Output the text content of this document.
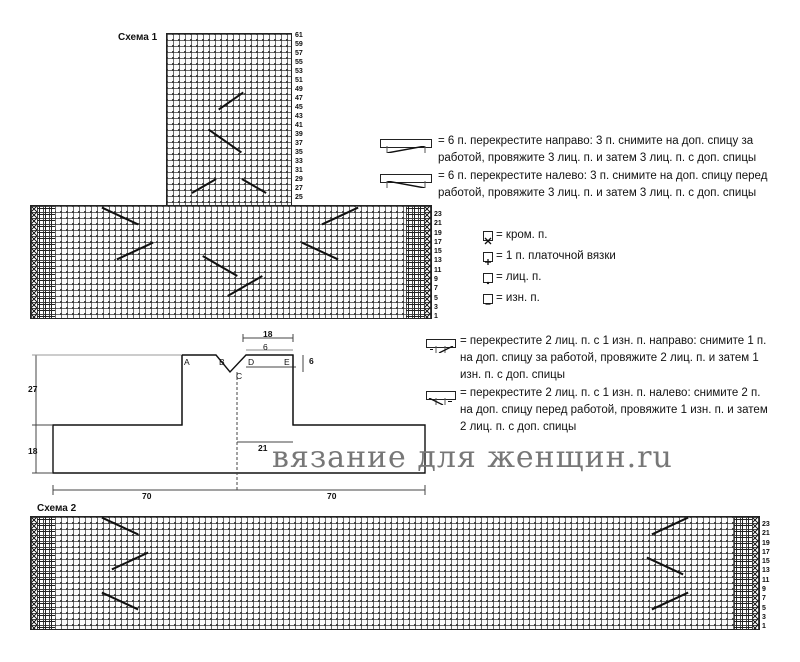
Схема 1	61
59
57
55
53
51
49
47
45
43
41
39
37
35
33
31
29
27
25
23
21
19
17
15
13
11
9
7
5
3
1
= 6 п. перекрестите направо: 3 п. снимите на доп. спицу за работой, провяжите 3 лиц. п. и затем 3 лиц. п. с доп. спицы
= 6 п. перекрестите налево: 3 п. снимите на доп. спицу перед работой, провяжите 3 лиц. п. и затем 3 лиц. п. с доп. спицы
= кром. п.
= 1 п. платочной вязки
= лиц. п.
= изн. п.
18
6
6
27
18	21
70	70
A	B
C
D	E
= перекрестите 2 лиц. п. с 1 изн. п. направо: снимите 1 п. на доп. спицу за работой, провяжите 2 лиц. п. и затем 1 изн. п. с доп. спицы
= перекрестите 2 лиц. п. с 1 изн. п. налево: снимите 2 п. на доп. спицу перед работой, провяжите 1 изн. п. и затем 2 лиц. п. с доп. спицы
вязание для женщин.ru
Схема 2
23
21
19
17
15
13
11
9
7
5
3
1
